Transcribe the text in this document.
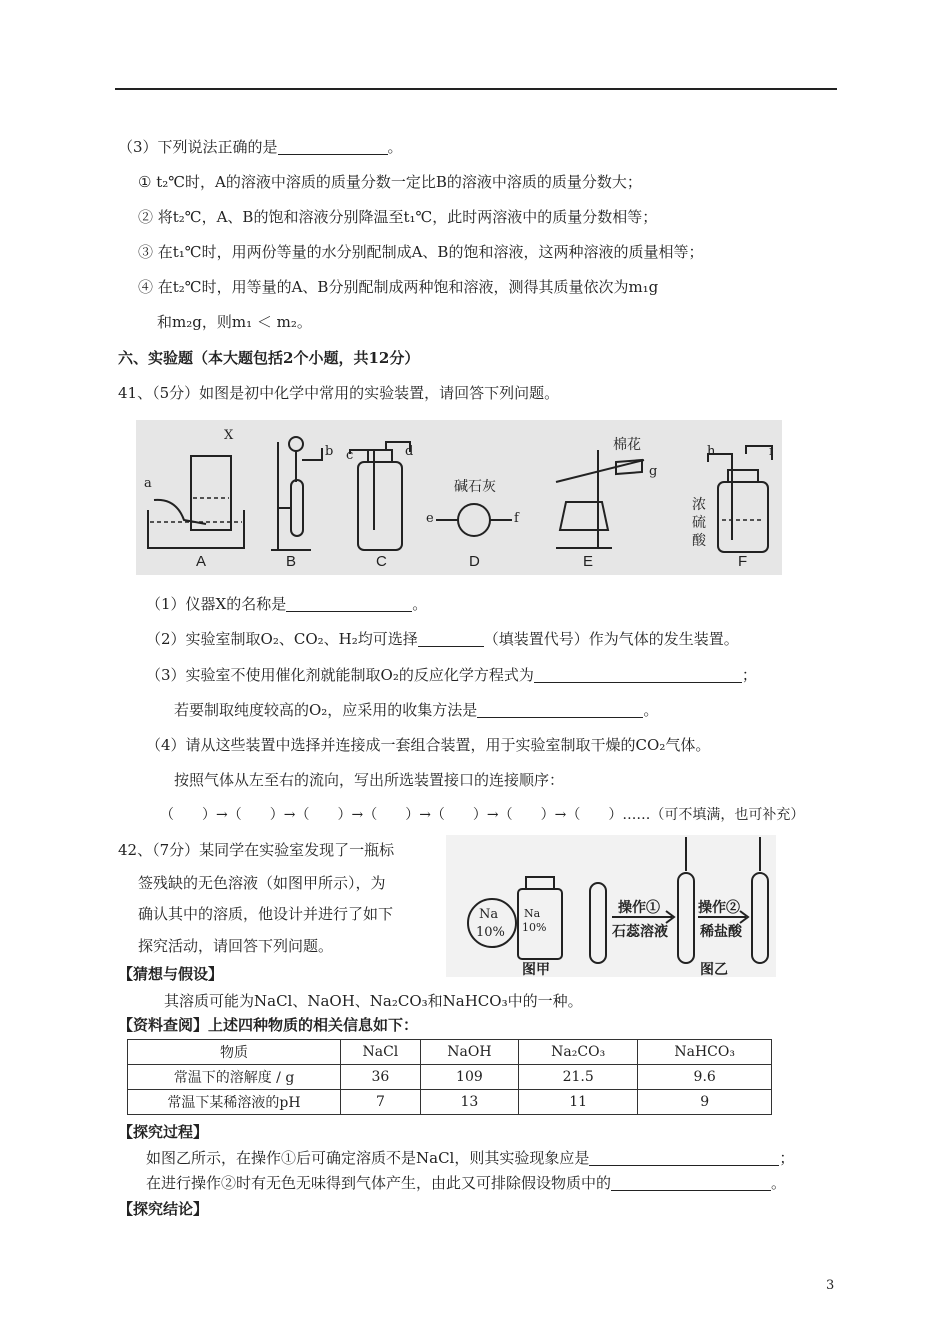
（3）下列说法正确的是	。
① t₂℃时，A的溶液中溶质的质量分数一定比B的溶液中溶质的质量分数大；
② 将t₂℃，A、B的饱和溶液分别降温至t₁℃，此时两溶液中的质量分数相等；
③ 在t₁℃时，用两份等量的水分别配制成A、B的饱和溶液，这两种溶液的质量相等；
④ 在t₂℃时，用等量的A、B分别配制成两种饱和溶液，测得其质量依次为m₁g
和m₂g，则m₁ ＜ m₂。
六、实验题（本大题包括2个小题，共12分）
41、（5分）如图是初中化学中常用的实验装置，请回答下列问题。
A	B	C	D	E	F
X
a
b c	d
e	f
g
h	i
碱石灰
棉花
浓
硫
酸
（1）仪器X的名称是	。
（2）实验室制取O₂、CO₂、H₂均可选择	（填装置代号）作为气体的发生装置。
（3）实验室不使用催化剂就能制取O₂的反应化学方程式为	；
若要制取纯度较高的O₂，应采用的收集方法是	。
（4）请从这些装置中选择并连接成一套组合装置，用于实验室制取干燥的CO₂气体。
按照气体从左至右的流向，写出所选装置接口的连接顺序：
（　　）→（　　）→（　　）→（　　）→（　　）→（　　）→（　　）……（可不填满，也可补充）
42、（7分）某同学在实验室发现了一瓶标
签残缺的无色溶液（如图甲所示），为
确认其中的溶质，他设计并进行了如下
探究活动，请回答下列问题。
Na
10%
Na
10%
操作①
石蕊溶液
操作②
稀盐酸
图甲	图乙
【猜想与假设】
其溶质可能为NaCl、NaOH、Na₂CO₃和NaHCO₃中的一种。
【资料查阅】上述四种物质的相关信息如下：
物质	NaCl	NaOH	Na₂CO₃	NaHCO₃
常温下的溶解度 / g	36	109	21.5	9.6
常温下某稀溶液的pH	7	13	11	9
【探究过程】
如图乙所示，在操作①后可确定溶质不是NaCl，则其实验现象应是	；
在进行操作②时有无色无味得到气体产生，由此又可排除假设物质中的	。
【探究结论】
3
